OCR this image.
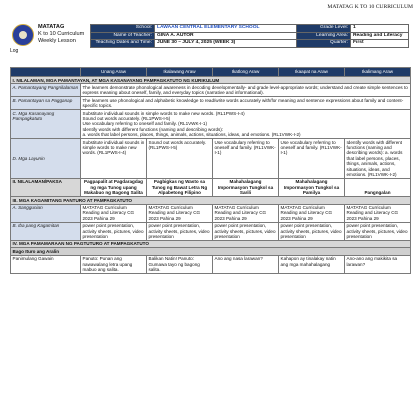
MATATAG K TO 10 CURRICULUM
Log
MATATAG
K to 10 Curriculum
Weekly Lesson
School:	LAWAAN CENTRAL ELEMENTARY SCHOOL	Grade Level:	1
Name of Teacher:	GINA A. AUTOR	Learning Area:	Reading and Literacy
Teaching Dates and Time:	JUNE 30 – JULY 4, 2025 (WEEK 3)	Quarter:	First
	Unang Araw	Ikalawang Araw	Ikatlong Araw	Ikaapat na Araw	Ikalimang Araw
I. NILALAMAN, MGA PAMANTAYAN, AT MGA KASANAYANG PAMPAGKATUTO NG KURIKULUM					
A. Pamantayang Pangnilalaman	The learners demonstrate phonological awareness in decoding developmentally- and grade level-appropriate words; understand and create simple sentences to express meaning about oneself, family, and everyday topics (narrative and informational).				
B. Pamantayan sa Pagganap	The learners use phonological and alphabetic knowledge to read/write words accurately with/for meaning and sentence expressions about family and content-specific topics.				
C. Mga Kasanayang Pampagkatuto	Substitute individual sounds in simple words to make new words. (RL1PWS-I-4)
Sound out words accurately. (RL1PWS-I-5)
Use vocabulary referring to oneself and family. (RL1VWK-I-1)
Identify words with different functions (naming and describing words):
a. words that label persons, places, things, animals, actions, situations, ideas, and emotions. (RL1VWK-I-2)				

D. Mga Layunin	Substitute individual sounds in simple words to make new words. (RL1PWS-I-4)	Sound out words accurately. (RL1PWS-I-5)	Use vocabulary referring to oneself and family. (RL1VWK-I-1)	Use vocabulary referring to oneself and family. (RL1VWK-I-1)	Identify words with different functions (naming and describing words): a. words that label persons, places, things, animals, actions, situations, ideas, and emotions. (RL1VWK-I-2)
II. NILALAMAN/PAKSA	Pagpapalit at Pagdaragdag ng mga Tunog upang Makabuo ng Bagong Salita	Pagbigkas ng Wasto sa Tunog ng Bawat Letra Ng Alpabetong Filipino	Mahahalagang Impormasyon Tungkol sa Sarili	Mahahalagang Impormasyon Tungkol sa Pamilya	Pangngalan
III. MGA KAGAMITANG PANTURO AT PAMPAGKATUTO					
A. Sanggunian	MATATAG Curriculum Reading and Literacy CG 2023 Pahina 29	MATATAG Curriculum Reading and Literacy CG 2023 Pahina 29	MATATAG Curriculum Reading and Literacy CG 2023 Pahina 29	MATATAG Curriculum Reading and Literacy CG 2023 Pahina 29	MATATAG Curriculum Reading and Literacy CG 2023 Pahina 29
B. Iba pang Kagamitan	power point presentation, activity sheets, pictures, video presentation	power point presentation, activity sheets, pictures, video presentation	power point presentation, activity sheets, pictures, video presentation	power point presentation, activity sheets, pictures, video presentation	power point presentation, activity sheets, pictures, video presentation
IV. MGA PAMAMARAAN NG PAGTUTURO AT PAMPAGKATUTO					
Bago Ituro ang Aralin					
Panimulang Gawain	Panuto: Punan ang nawawalang letra upang mabuo ang salita.	Balikan Natin! Panuto: Gumawa tayo ng bagong salita.	Ano ang nasa larawan?	Kahapon ay tinalakay natin ang mga mahahalagang	Ano-ano ang makikita sa larawan?
